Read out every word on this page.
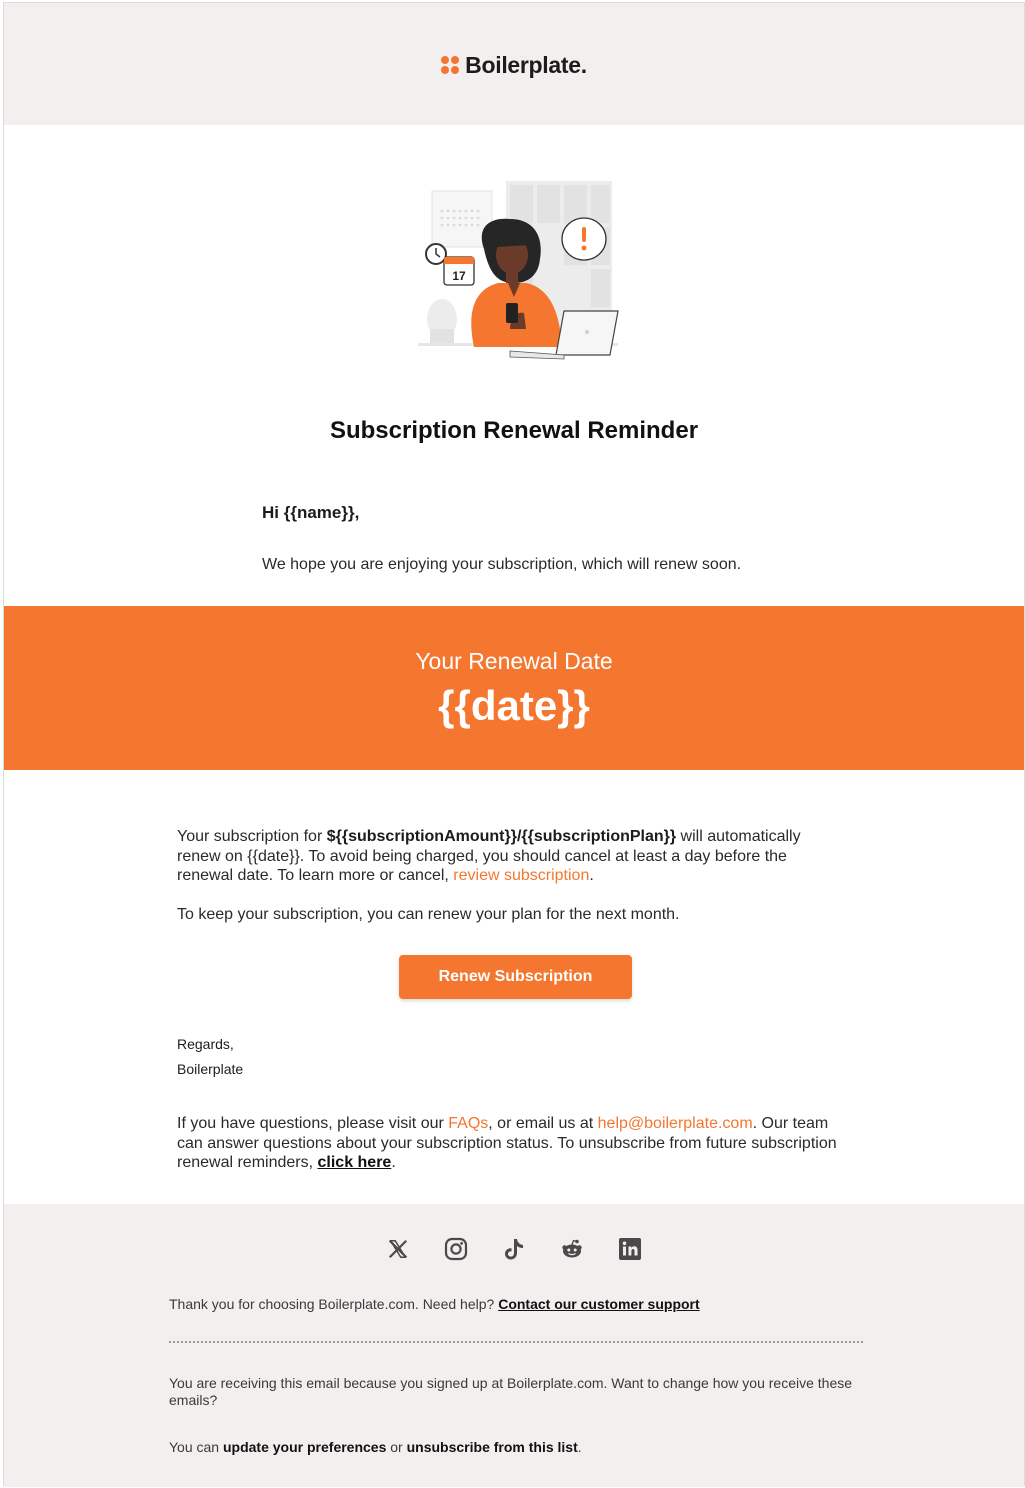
Boilerplate.
17
Subscription Renewal Reminder
Hi {{name}},
We hope you are enjoying your subscription, which will renew soon.
Your Renewal Date
{{date}}
Your subscription for ${{subscriptionAmount}}/{{subscriptionPlan}} will automatically renew on {{date}}. To avoid being charged, you should cancel at least a day before the renewal date. To learn more or cancel, review subscription.
To keep your subscription, you can renew your plan for the next month.
Renew Subscription
Regards,
Boilerplate
If you have questions, please visit our FAQs, or email us at help@boilerplate.com. Our team can answer questions about your subscription status. To unsubscribe from future subscription renewal reminders, click here.
Thank you for choosing Boilerplate.com. Need help? Contact our customer support
You are receiving this email because you signed up at Boilerplate.com. Want to change how you receive these emails?
You can update your preferences or unsubscribe from this list.
